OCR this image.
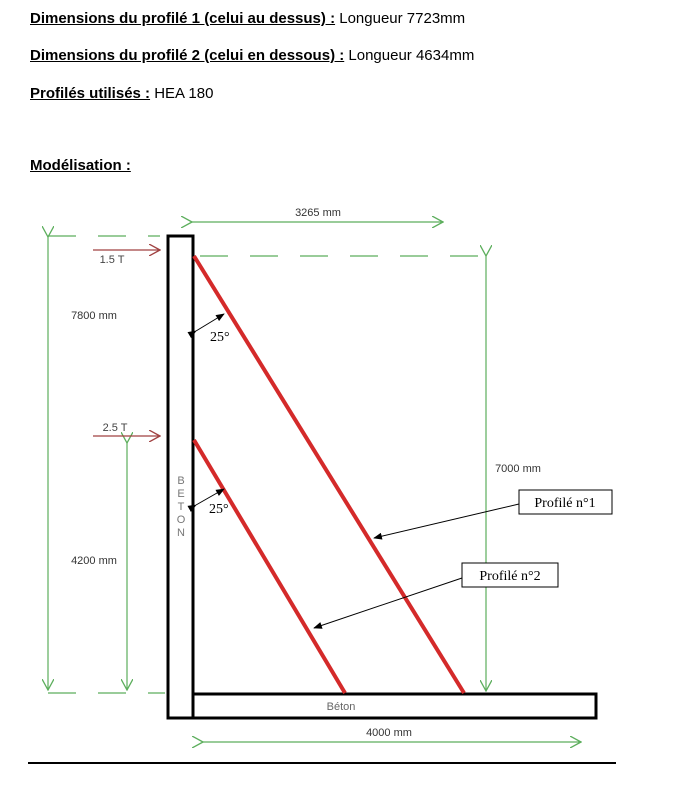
Dimensions du profilé 1 (celui au dessus) : Longueur 7723mm
Dimensions du profilé 2 (celui en dessous) : Longueur 4634mm
Profilés utilisés : HEA 180
Modélisation :
B
E
T
O
N
Béton
3265 mm
7800 mm
4200 mm
7000 mm
4000 mm
1.5 T
2.5 T
25°
25°	Profilé n°1
Profilé n°2
